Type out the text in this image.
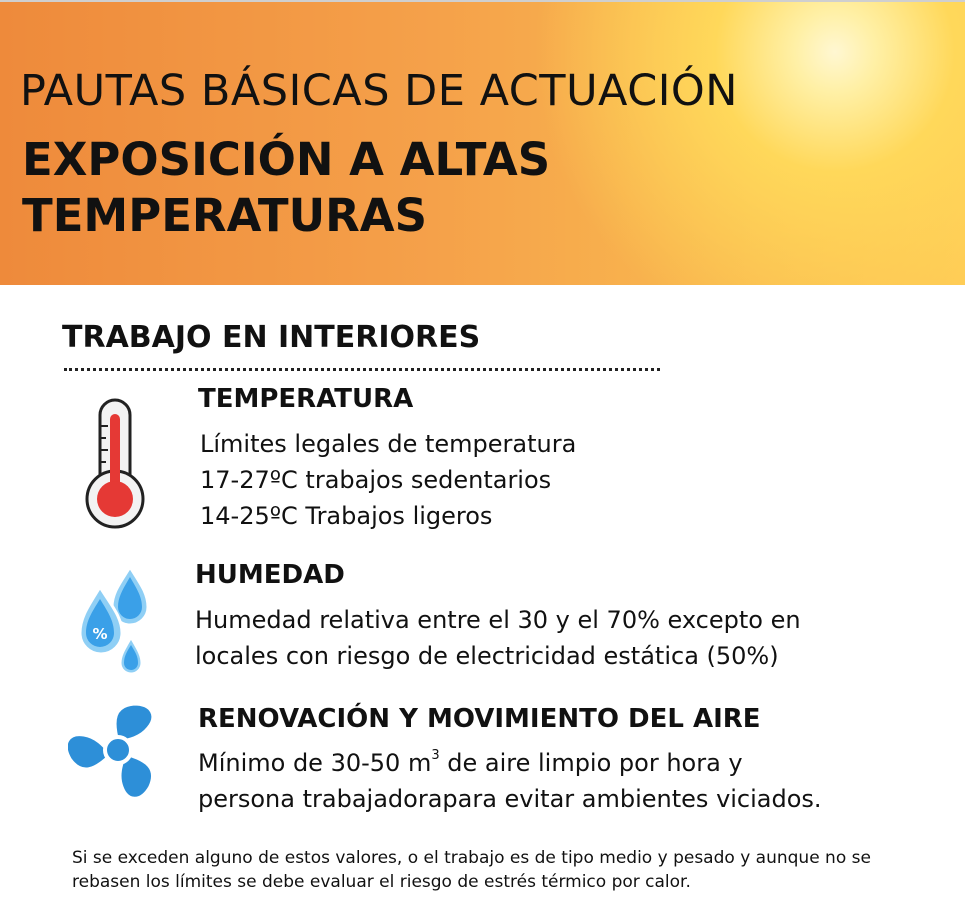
PAUTAS BÁSICAS DE ACTUACIÓN
EXPOSICIÓN A ALTAS TEMPERATURAS
TRABAJO EN INTERIORES
TEMPERATURA
Límites legales de temperatura
17-27ºC trabajos sedentarios
14-25ºC Trabajos ligeros
%
HUMEDAD
Humedad relativa entre el 30 y el 70% excepto en
locales con riesgo de electricidad estática (50%)
RENOVACIÓN Y MOVIMIENTO DEL AIRE
Mínimo de 30-50 $m^3$ de aire limpio por hora y
persona trabajadorapara evitar ambientes viciados.
Si se exceden alguno de estos valores, o el trabajo es de tipo medio y pesado y aunque no se rebasen los límites se debe evaluar el riesgo de estrés térmico por calor.
